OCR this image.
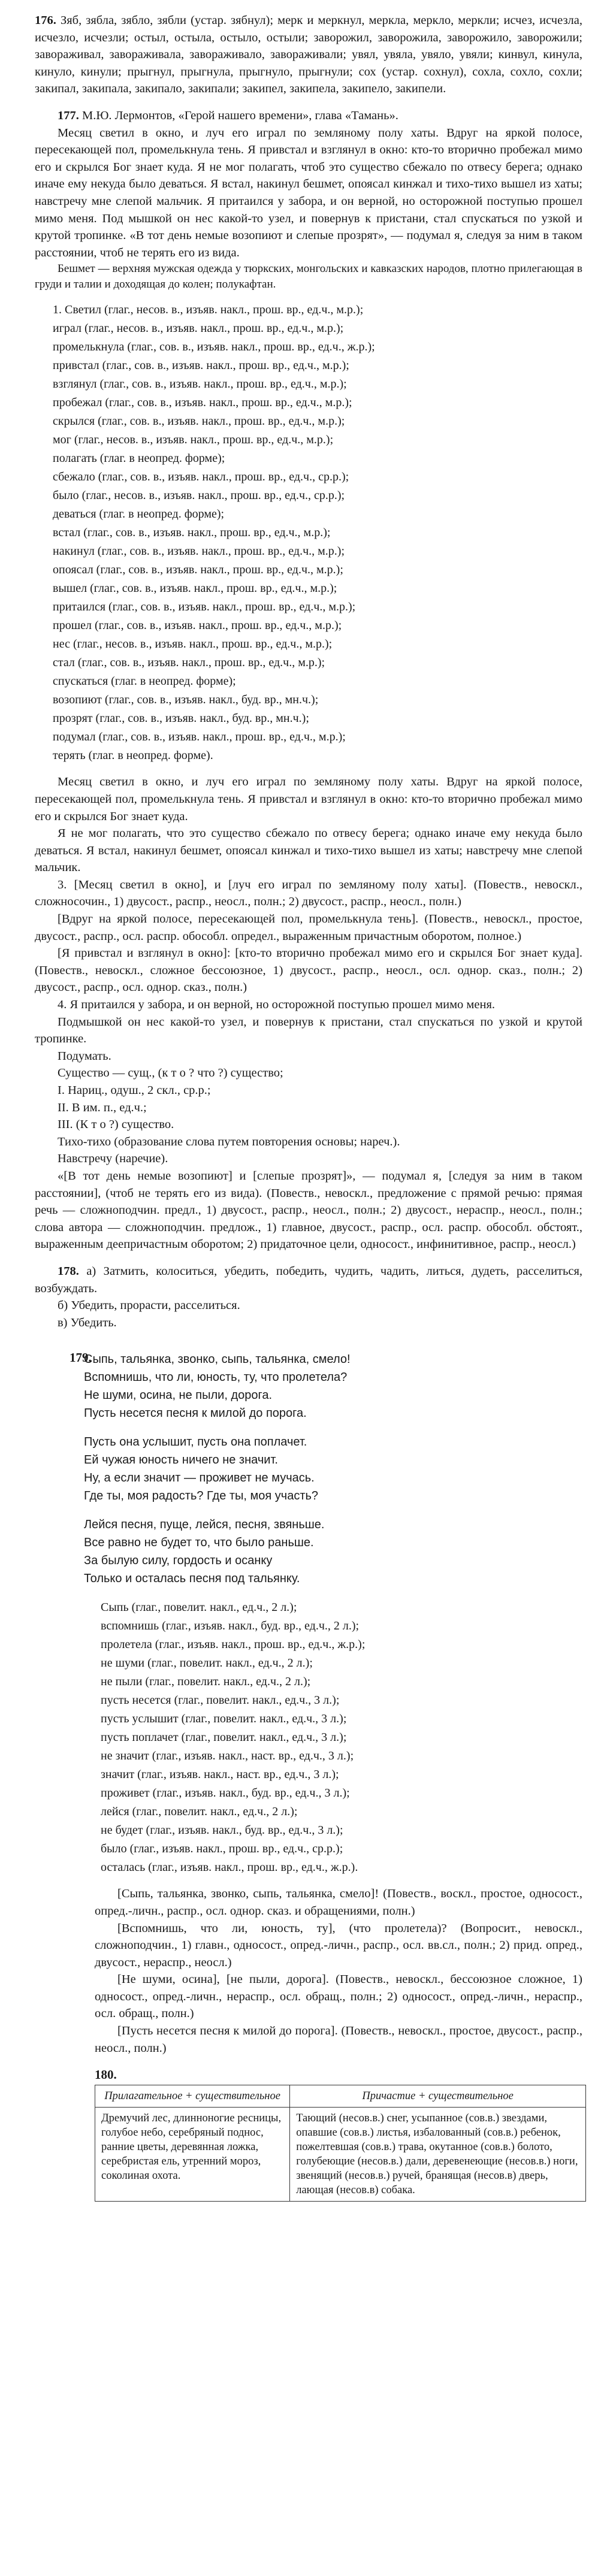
176. Зяб, зябла, зябло, зябли (устар. зябнул); мерк и меркнул, меркла, меркло, меркли; исчез, исчезла, исчезло, исчезли; остыл, остыла, остыло, остыли; заворожил, заворожила, заворожило, заворожили; завораживал, заворaживала, заворaживало, заворaживали; увял, увяла, увяло, увяли; кинвул, кинула, кинуло, кинули; прыгнул, прыгнула, прыгнуло, прыгнули; сох (устар. сохнул), сохла, сохло, сохли; закипал, закипала, закипало, закипали; закипел, закипела, закипело, закипели.

177. М.Ю. Лермонтов, «Герой нашего времени», глава «Тамань».

Месяц светил в окно, и луч его играл по земляному полу хаты. Вдруг на яркой полосе, пересекающей пол, промелькнула тень. Я привстал и взглянул в окно: кто-то вторично пробежал мимо его и скрылся Бог знает куда. Я не мог полагать, чтоб это существо сбежало по отвесу берега; однако иначе ему некуда было деваться. Я встал, накинул бешмет, опоясал кинжал и тихо-тихо вышел из хаты; навстречу мне слепой мальчик. Я притаился у забора, и он верной, но осторожной поступью прошел мимо меня. Под мышкой он нес какой-то узел, и повернув к пристани, стал спускаться по узкой и крутой тропинке. «В тот день немые возопиют и слепые прозрят», — подумал я, следуя за ним в таком расстоянии, чтоб не терять его из вида.

Бешмет — верхняя мужская одежда у тюркских, монгольских и кавказских народов, плотно прилегающая в груди и талии и доходящая до колен; полукафтан.

1. Светил (глаг., несов. в., изъяв. накл., прош. вр., ед.ч., м.р.);

играл (глаг., несов. в., изъяв. накл., прош. вр., ед.ч., м.р.);

промелькнула (глаг., сов. в., изъяв. накл., прош. вр., ед.ч., ж.р.);

привстал (глаг., сов. в., изъяв. накл., прош. вр., ед.ч., м.р.);

взглянул (глаг., сов. в., изъяв. накл., прош. вр., ед.ч., м.р.);

пробежал (глаг., сов. в., изъяв. накл., прош. вр., ед.ч., м.р.);

скрылся (глаг., сов. в., изъяв. накл., прош. вр., ед.ч., м.р.);

мог (глаг., несов. в., изъяв. накл., прош. вр., ед.ч., м.р.);

полагать (глаг. в неопред. форме);

сбежало (глаг., сов. в., изъяв. накл., прош. вр., ед.ч., ср.р.);

было (глаг., несов. в., изъяв. накл., прош. вр., ед.ч., ср.р.);

деваться (глаг. в неопред. форме);

встал (глаг., сов. в., изъяв. накл., прош. вр., ед.ч., м.р.);

накинул (глаг., сов. в., изъяв. накл., прош. вр., ед.ч., м.р.);

опоясал (глаг., сов. в., изъяв. накл., прош. вр., ед.ч., м.р.);

вышел (глаг., сов. в., изъяв. накл., прош. вр., ед.ч., м.р.);

притаился (глаг., сов. в., изъяв. накл., прош. вр., ед.ч., м.р.);

прошел (глаг., сов. в., изъяв. накл., прош. вр., ед.ч., м.р.);

нес (глаг., несов. в., изъяв. накл., прош. вр., ед.ч., м.р.);

стал (глаг., сов. в., изъяв. накл., прош. вр., ед.ч., м.р.);

спускаться (глаг. в неопред. форме);

возопиют (глаг., сов. в., изъяв. накл., буд. вр., мн.ч.);

прозрят (глаг., сов. в., изъяв. накл., буд. вр., мн.ч.);

подумал (глаг., сов. в., изъяв. накл., прош. вр., ед.ч., м.р.);

терять (глаг. в неопред. форме).

Месяц светил в окно, и луч его играл по земляному полу хаты. Вдруг на яркой полосе, пересекающей пол, промелькнула тень. Я привстал и взглянул в окно: кто-то вторично пробежал мимо его и скрылся Бог знает куда.

Я не мог полагать, что это существо сбежало по отвесу берега; однако иначе ему некуда было деваться. Я встал, накинул бешмет, опоясал кинжал и тихо-тихо вышел из хаты; навстречу мне слепой мальчик.

3. [Месяц светил в окно], и [луч его играл по земляному полу хаты]. (Повеств., невоскл., сложносочин., 1) двусост., распр., неосл., полн.; 2) двусост., распр., неосл., полн.)

[Вдруг на яркой полосе, пересекающей пол, промелькнула тень]. (Повеств., невоскл., простое, двусост., распр., осл. распр. обособл. определ., выраженным причастным оборотом, полное.)

[Я привстал и взглянул в окно]: [кто-то вторично пробежал мимо его и скрылся Бог знает куда]. (Повеств., невоскл., сложное бессоюзное, 1) двусост., распр., неосл., осл. однор. сказ., полн.; 2) двусост., распр., осл. однор. сказ., полн.)

4. Я притаился у забора, и он верной, но осторожной поступью прошел мимо меня.

Подмышкой он нес какой-то узел, и повернув к пристани, стал спускаться по узкой и крутой тропинке.

Подумать.

Существо — сущ., (к т о ? что ?) существо;

I. Нариц., одуш., 2 скл., ср.р.;

II. В им. п., ед.ч.;

III. (К т о ?) существо.

Тихо-тихо (образование слова путем повторения основы; нареч.).

Навстречу (наречие).

«[В тот день немые возопиют] и [слепые прозрят]», — подумал я, [следуя за ним в таком расстоянии], (чтоб не терять его из вида). (Повеств., невоскл., предложение с прямой речью: прямая речь — сложноподчин. предл., 1) двусост., распр., неосл., полн.; 2) двусост., нераспр., неосл., полн.; слова автора — сложноподчин. предлож., 1) главное, двусост., распр., осл. распр. обособл. обстоят., выраженным деепричастным оборотом; 2) придаточное цели, односост., инфинитивное, распр., неосл.)

178. а) Затмить, колоситься, убедить, победить, чудить, чадить, литься, дудеть, расселиться, возбуждать.

б) Убедить, прорасти, расселиться.

в) Убедить.

179.
Сыпь, тальянка, звонко, сыпь, тальянка, смело!
Вспомнишь, что ли, юность, ту, что пролетела?
Не шуми, осина, не пыли, дорога.
Пусть несется песня к милой до порога.
Пусть она услышит, пусть она поплачет.
Ей чужая юность ничего не значит.
Ну, а если значит — проживет не мучась.
Где ты, моя радость? Где ты, моя участь?
Лейся песня, пуще, лейся, песня, звяньше.
Все равно не будет то, что было раньше.
За былую силу, гордость и осанку
Только и осталась песня под тальянку.

Сыпь (глаг., повелит. накл., ед.ч., 2 л.);

вспомнишь (глаг., изъяв. накл., буд. вр., ед.ч., 2 л.);

пролетела (глаг., изъяв. накл., прош. вр., ед.ч., ж.р.);

не шуми (глаг., повелит. накл., ед.ч., 2 л.);

не пыли (глаг., повелит. накл., ед.ч., 2 л.);

пусть несется (глаг., повелит. накл., ед.ч., 3 л.);

пусть услышит (глаг., повелит. накл., ед.ч., 3 л.);

пусть поплачет (глаг., повелит. накл., ед.ч., 3 л.);

не значит (глаг., изъяв. накл., наст. вр., ед.ч., 3 л.);

значит (глаг., изъяв. накл., наст. вр., ед.ч., 3 л.);

проживет (глаг., изъяв. накл., буд. вр., ед.ч., 3 л.);

лейся (глаг., повелит. накл., ед.ч., 2 л.);

не будет (глаг., изъяв. накл., буд. вр., ед.ч., 3 л.);

было (глаг., изъяв. накл., прош. вр., ед.ч., ср.р.);

осталась (глаг., изъяв. накл., прош. вр., ед.ч., ж.р.).

[Сыпь, тальянка, звонко, сыпь, тальянка, смело]! (Повеств., воскл., простое, односост., опред.-личн., распр., осл. однор. сказ. и обращениями, полн.)

[Вспомнишь, что ли, юность, ту], (что пролетела)? (Вопросит., невоскл., сложноподчин., 1) главн., односост., опред.-личн., распр., осл. вв.сл., полн.; 2) прид. опред., двусост., нераспр., неосл.)

[Не шуми, осина], [не пыли, дорога]. (Повеств., невоскл., бессоюзное сложное, 1) односост., опред.-личн., нераспр., осл. обращ., полн.; 2) односост., опред.-личн., нераспр., осл. обращ., полн.)

[Пусть несется песня к милой до порога]. (Повеств., невоскл., простое, двусост., распр., неосл., полн.)

180.
Прилагательное + существительное	Причастие + существительное
Дремучий лес, длинноногие ресницы, голубое небо, серебряный поднос, ранние цветы, деревянная ложка, серебристая ель, утренний мороз, соколиная охота.	Тающий (несов.в.) снег, усыпанное (сов.в.) звездами, опавшие (сов.в.) листья, избалованный (сов.в.) ребенок, пожелтевшая (сов.в.) трава, окутанное (сов.в.) болото, голубеющие (несов.в.) дали, деревенеющие (несов.в.) ноги, звенящий (несов.в.) ручей, бранящая (несов.в) дверь, лающая (несов.в) собака.
